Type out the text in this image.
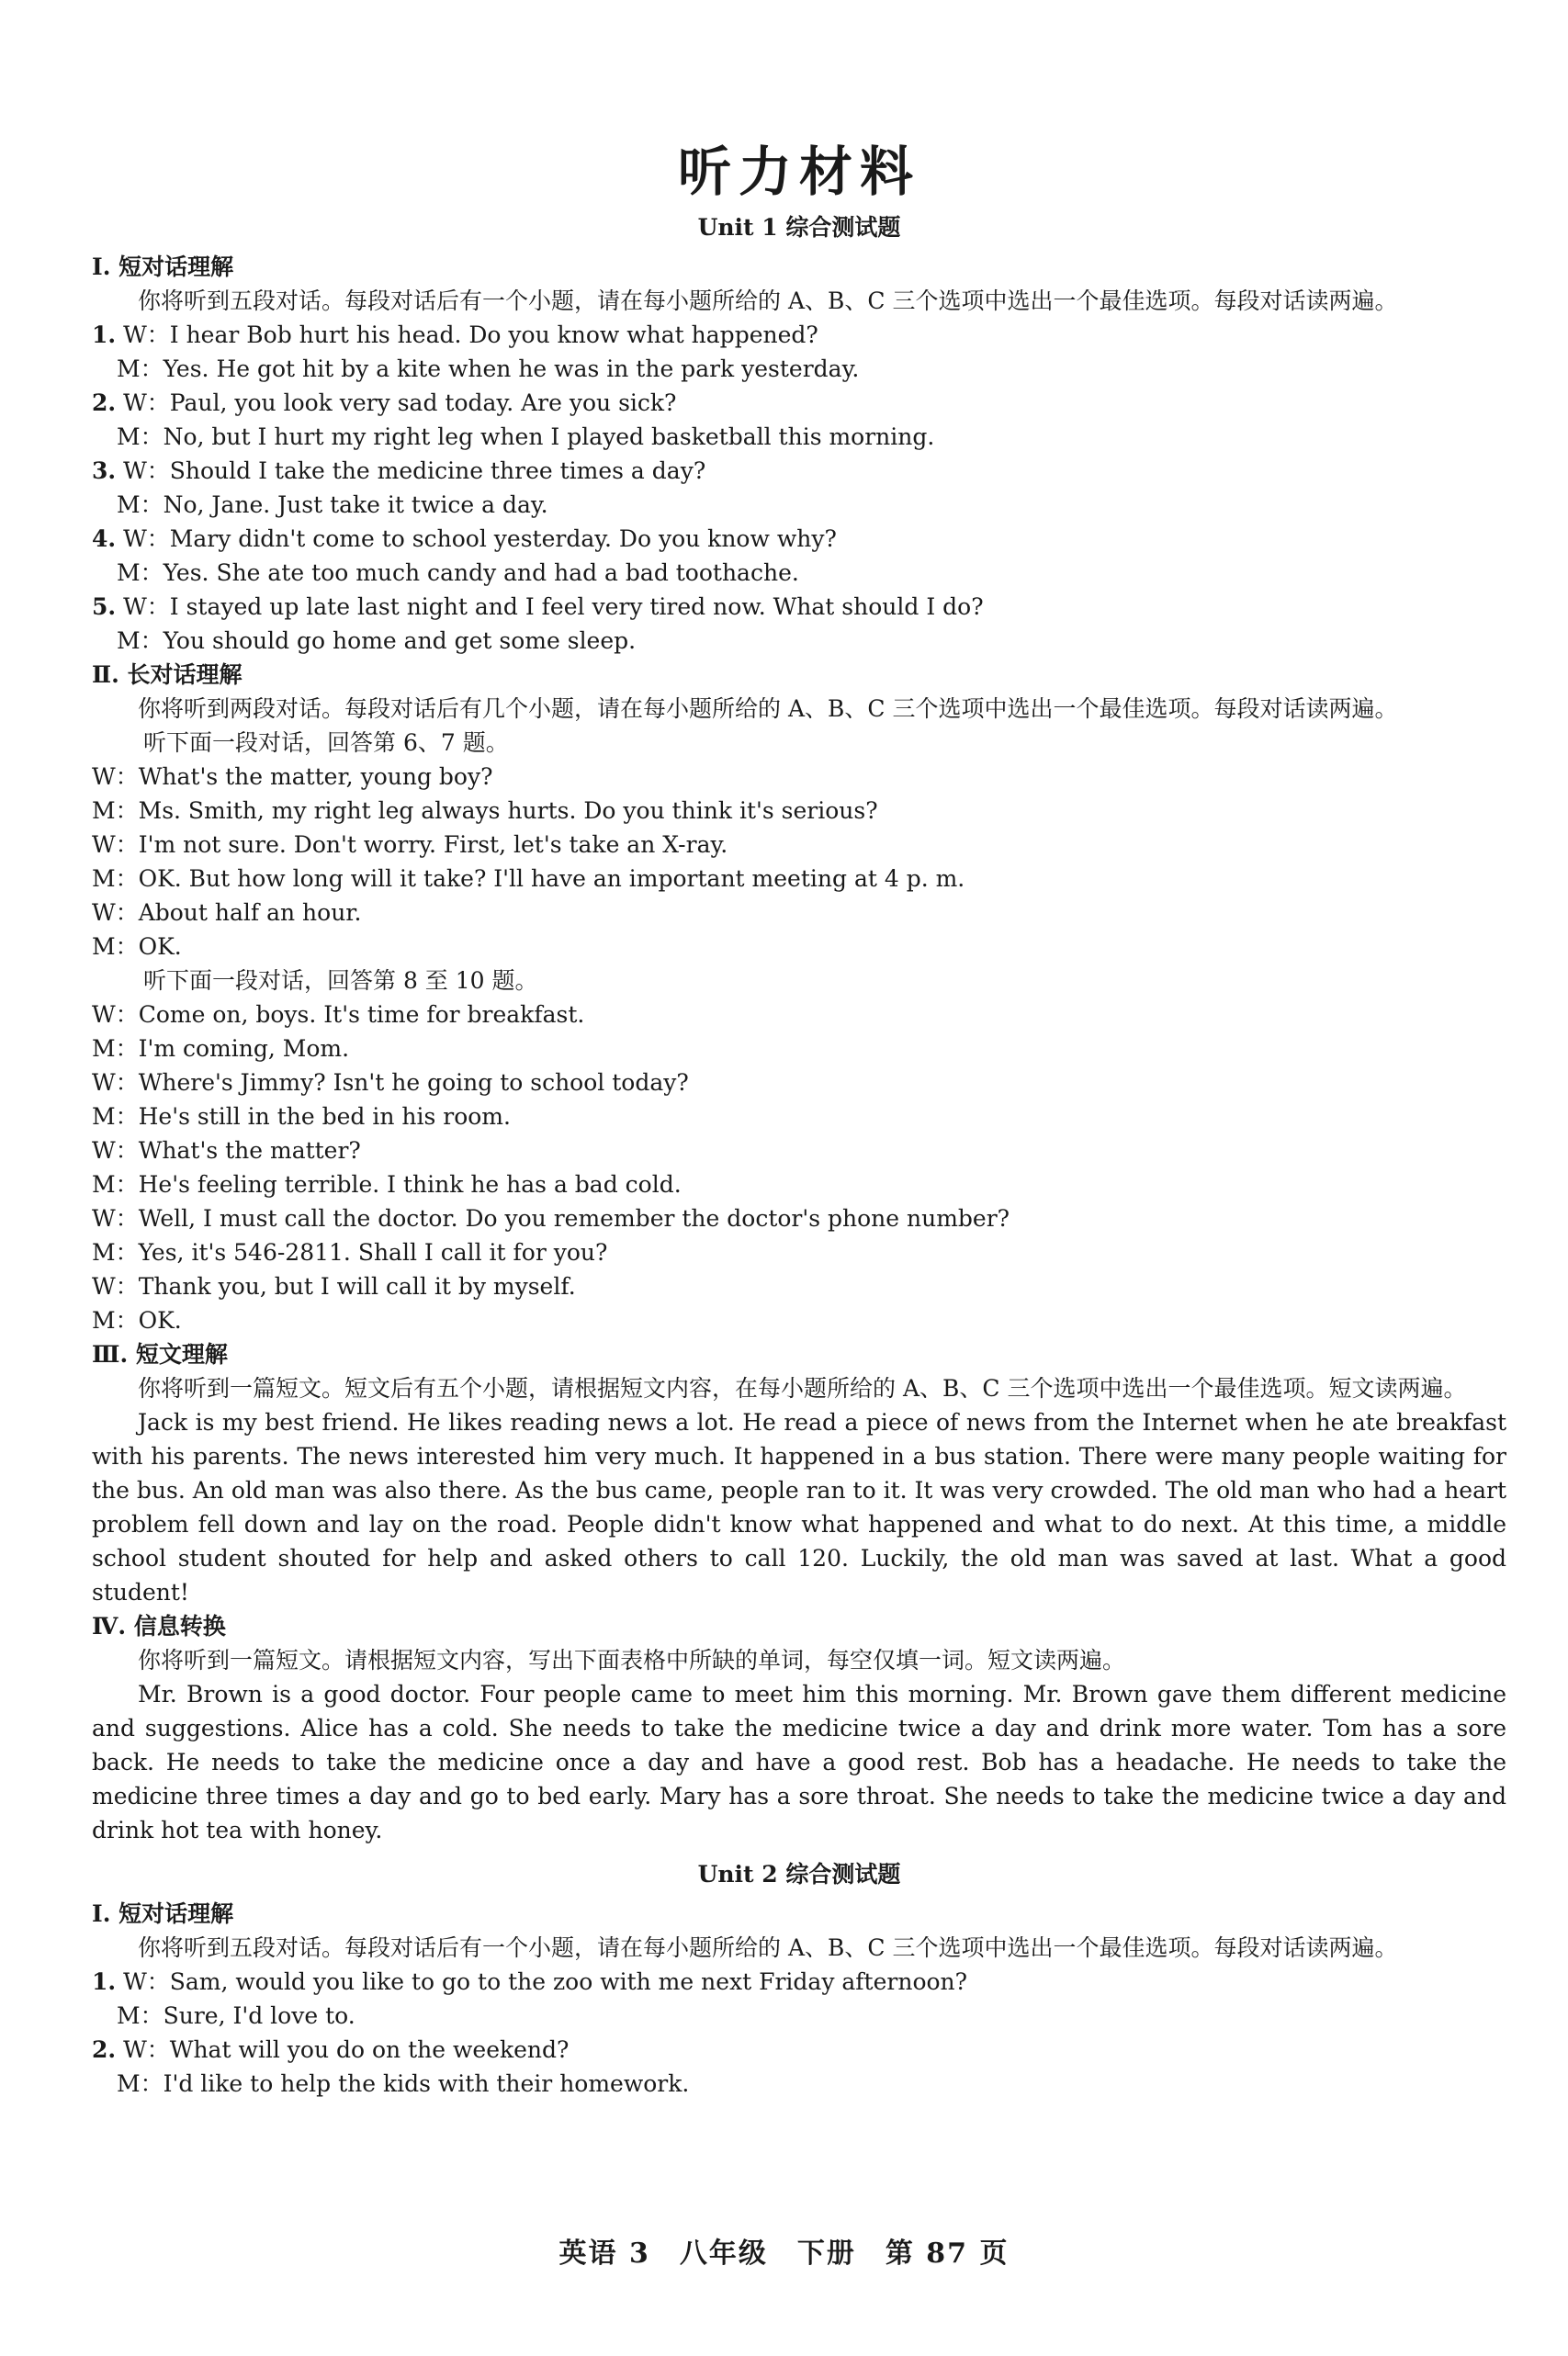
听力材料
Unit 1 综合测试题

Ⅰ. 短对话理解

你将听到五段对话。每段对话后有一个小题，请在每小题所给的 A、B、C 三个选项中选出一个最佳选项。每段对话读两遍。

1. W：I hear Bob hurt his head. Do you know what happened?

M：Yes. He got hit by a kite when he was in the park yesterday.

2. W：Paul, you look very sad today. Are you sick?

M：No, but I hurt my right leg when I played basketball this morning.

3. W：Should I take the medicine three times a day?

M：No, Jane. Just take it twice a day.

4. W：Mary didn't come to school yesterday. Do you know why?

M：Yes. She ate too much candy and had a bad toothache.

5. W：I stayed up late last night and I feel very tired now. What should I do?

M：You should go home and get some sleep.

Ⅱ. 长对话理解

你将听到两段对话。每段对话后有几个小题，请在每小题所给的 A、B、C 三个选项中选出一个最佳选项。每段对话读两遍。

听下面一段对话，回答第 6、7 题。

W：What's the matter, young boy?

M：Ms. Smith, my right leg always hurts. Do you think it's serious?

W：I'm not sure. Don't worry. First, let's take an X-ray.

M：OK. But how long will it take? I'll have an important meeting at 4 p. m.

W：About half an hour.

M：OK.

听下面一段对话，回答第 8 至 10 题。

W：Come on, boys. It's time for breakfast.

M：I'm coming, Mom.

W：Where's Jimmy? Isn't he going to school today?

M：He's still in the bed in his room.

W：What's the matter?

M：He's feeling terrible. I think he has a bad cold.

W：Well, I must call the doctor. Do you remember the doctor's phone number?

M：Yes, it's 546-2811. Shall I call it for you?

W：Thank you, but I will call it by myself.

M：OK.

Ⅲ. 短文理解

你将听到一篇短文。短文后有五个小题，请根据短文内容，在每小题所给的 A、B、C 三个选项中选出一个最佳选项。短文读两遍。

Jack is my best friend. He likes reading news a lot. He read a piece of news from the Internet when he ate breakfast with his parents. The news interested him very much. It happened in a bus station. There were many people waiting for the bus. An old man was also there. As the bus came, people ran to it. It was very crowded. The old man who had a heart problem fell down and lay on the road. People didn't know what happened and what to do next. At this time, a middle school student shouted for help and asked others to call 120. Luckily, the old man was saved at last. What a good student!

Ⅳ. 信息转换

你将听到一篇短文。请根据短文内容，写出下面表格中所缺的单词，每空仅填一词。短文读两遍。

Mr. Brown is a good doctor. Four people came to meet him this morning. Mr. Brown gave them different medicine and suggestions. Alice has a cold. She needs to take the medicine twice a day and drink more water. Tom has a sore back. He needs to take the medicine once a day and have a good rest. Bob has a headache. He needs to take the medicine three times a day and go to bed early. Mary has a sore throat. She needs to take the medicine twice a day and drink hot tea with honey.

Unit 2 综合测试题

Ⅰ. 短对话理解

你将听到五段对话。每段对话后有一个小题，请在每小题所给的 A、B、C 三个选项中选出一个最佳选项。每段对话读两遍。

1. W：Sam, would you like to go to the zoo with me next Friday afternoon?

M：Sure, I'd love to.

2. W：What will you do on the weekend?

M：I'd like to help the kids with their homework.

英语 3　八年级　下册　第 87 页
